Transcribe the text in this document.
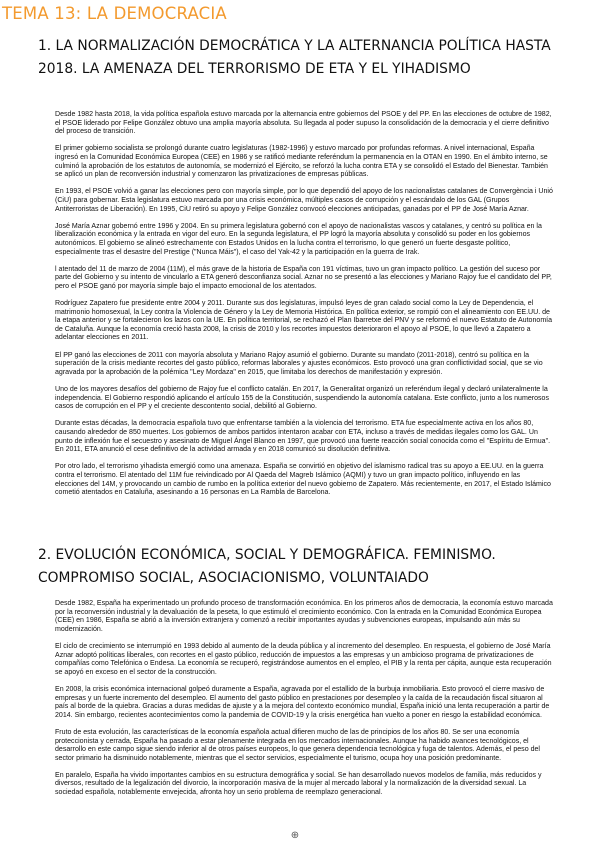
TEMA 13: LA DEMOCRACIA
1. LA NORMALIZACIÓN DEMOCRÁTICA Y LA ALTERNANCIA POLÍTICA HASTA 2018. LA AMENAZA DEL TERRORISMO DE ETA Y EL YIHADISMO

Desde 1982 hasta 2018, la vida política española estuvo marcada por la alternancia entre gobiernos del PSOE y del PP. En las elecciones de octubre de 1982, el PSOE liderado por Felipe González obtuvo una amplia mayoría absoluta. Su llegada al poder supuso la consolidación de la democracia y el cierre definitivo del proceso de transición.

El primer gobierno socialista se prolongó durante cuatro legislaturas (1982-1996) y estuvo marcado por profundas reformas. A nivel internacional, España ingresó en la Comunidad Económica Europea (CEE) en 1986 y se ratificó mediante referéndum la permanencia en la OTAN en 1990. En el ámbito interno, se culminó la aprobación de los estatutos de autonomía, se modernizó el Ejército, se reforzó la lucha contra ETA y se consolidó el Estado del Bienestar. También se aplicó un plan de reconversión industrial y comenzaron las privatizaciones de empresas públicas.

En 1993, el PSOE volvió a ganar las elecciones pero con mayoría simple, por lo que dependió del apoyo de los nacionalistas catalanes de Convergència i Unió (CiU) para gobernar. Esta legislatura estuvo marcada por una crisis económica, múltiples casos de corrupción y el escándalo de los GAL (Grupos Antiterroristas de Liberación). En 1995, CiU retiró su apoyo y Felipe González convocó elecciones anticipadas, ganadas por el PP de José María Aznar.

José María Aznar gobernó entre 1996 y 2004. En su primera legislatura gobernó con el apoyo de nacionalistas vascos y catalanes, y centró su política en la liberalización económica y la entrada en vigor del euro. En la segunda legislatura, el PP logró la mayoría absoluta y consolidó su poder en los gobiernos autonómicos. El gobierno se alineó estrechamente con Estados Unidos en la lucha contra el terrorismo, lo que generó un fuerte desgaste político, especialmente tras el desastre del Prestige ("Nunca Máis"), el caso del Yak-42 y la participación en la guerra de Irak.

l atentado del 11 de marzo de 2004 (11M), el más grave de la historia de España con 191 víctimas, tuvo un gran impacto político. La gestión del suceso por parte del Gobierno y su intento de vincularlo a ETA generó desconfianza social. Aznar no se presentó a las elecciones y Mariano Rajoy fue el candidato del PP, pero el PSOE ganó por mayoría simple bajo el impacto emocional de los atentados.

Rodríguez Zapatero fue presidente entre 2004 y 2011. Durante sus dos legislaturas, impulsó leyes de gran calado social como la Ley de Dependencia, el matrimonio homosexual, la Ley contra la Violencia de Género y la Ley de Memoria Histórica. En política exterior, se rompió con el alineamiento con EE.UU. de la etapa anterior y se fortalecieron los lazos con la UE. En política territorial, se rechazó el Plan Ibarretxe del PNV y se reformó el nuevo Estatuto de Autonomía de Cataluña. Aunque la economía creció hasta 2008, la crisis de 2010 y los recortes impuestos deterioraron el apoyo al PSOE, lo que llevó a Zapatero a adelantar elecciones en 2011.

El PP ganó las elecciones de 2011 con mayoría absoluta y Mariano Rajoy asumió el gobierno. Durante su mandato (2011-2018), centró su política en la superación de la crisis mediante recortes del gasto público, reformas laborales y ajustes económicos. Esto provocó una gran conflictividad social, que se vio agravada por la aprobación de la polémica "Ley Mordaza" en 2015, que limitaba los derechos de manifestación y expresión.

Uno de los mayores desafíos del gobierno de Rajoy fue el conflicto catalán. En 2017, la Generalitat organizó un referéndum ilegal y declaró unilateralmente la independencia. El Gobierno respondió aplicando el artículo 155 de la Constitución, suspendiendo la autonomía catalana. Este conflicto, junto a los numerosos casos de corrupción en el PP y el creciente descontento social, debilitó al Gobierno.

Durante estas décadas, la democracia española tuvo que enfrentarse también a la violencia del terrorismo. ETA fue especialmente activa en los años 80, causando alrededor de 850 muertes. Los gobiernos de ambos partidos intentaron acabar con ETA, incluso a través de medidas ilegales como los GAL. Un punto de inflexión fue el secuestro y asesinato de Miguel Ángel Blanco en 1997, que provocó una fuerte reacción social conocida como el "Espíritu de Ermua". En 2011, ETA anunció el cese definitivo de la actividad armada y en 2018 comunicó su disolución definitiva.

Por otro lado, el terrorismo yihadista emergió como una amenaza. España se convirtió en objetivo del islamismo radical tras su apoyo a EE.UU. en la guerra contra el terrorismo. El atentado del 11M fue reivindicado por Al Qaeda del Magreb Islámico (AQMI) y tuvo un gran impacto político, influyendo en las elecciones del 14M, y provocando un cambio de rumbo en la política exterior del nuevo gobierno de Zapatero. Más recientemente, en 2017, el Estado Islámico cometió atentados en Cataluña, asesinando a 16 personas en La Rambla de Barcelona.

2. EVOLUCIÓN ECONÓMICA, SOCIAL Y DEMOGRÁFICA. FEMINISMO. COMPROMISO SOCIAL, ASOCIACIONISMO, VOLUNTAIADO

Desde 1982, España ha experimentado un profundo proceso de transformación económica. En los primeros años de democracia, la economía estuvo marcada por la reconversión industrial y la devaluación de la peseta, lo que estimuló el crecimiento económico. Con la entrada en la Comunidad Económica Europea (CEE) en 1986, España se abrió a la inversión extranjera y comenzó a recibir importantes ayudas y subvenciones europeas, impulsando aún más su modernización.

El ciclo de crecimiento se interrumpió en 1993 debido al aumento de la deuda pública y al incremento del desempleo. En respuesta, el gobierno de José María Aznar adoptó políticas liberales, con recortes en el gasto público, reducción de impuestos a las empresas y un ambicioso programa de privatizaciones de compañías como Telefónica o Endesa. La economía se recuperó, registrándose aumentos en el empleo, el PIB y la renta per cápita, aunque esta recuperación se apoyó en exceso en el sector de la construcción.

En 2008, la crisis económica internacional golpeó duramente a España, agravada por el estallido de la burbuja inmobiliaria. Esto provocó el cierre masivo de empresas y un fuerte incremento del desempleo. El aumento del gasto público en prestaciones por desempleo y la caída de la recaudación fiscal situaron al país al borde de la quiebra. Gracias a duras medidas de ajuste y a la mejora del contexto económico mundial, España inició una lenta recuperación a partir de 2014. Sin embargo, recientes acontecimientos como la pandemia de COVID-19 y la crisis energética han vuelto a poner en riesgo la estabilidad económica.

Fruto de esta evolución, las características de la economía española actual difieren mucho de las de principios de los años 80. Se ser una economía proteccionista y cerrada, España ha pasado a estar plenamente integrada en los mercados internacionales. Aunque ha habido avances tecnológicos, el desarrollo en este campo sigue siendo inferior al de otros países europeos, lo que genera dependencia tecnológica y fuga de talentos. Además, el peso del sector primario ha disminuido notablemente, mientras que el sector servicios, especialmente el turismo, ocupa hoy una posición predominante.

En paralelo, España ha vivido importantes cambios en su estructura demográfica y social. Se han desarrollado nuevos modelos de familia, más reducidos y diversos, resultado de la legalización del divorcio, la incorporación masiva de la mujer al mercado laboral y la normalización de la diversidad sexual. La sociedad española, notablemente envejecida, afronta hoy un serio problema de reemplazo generacional.

⊕
